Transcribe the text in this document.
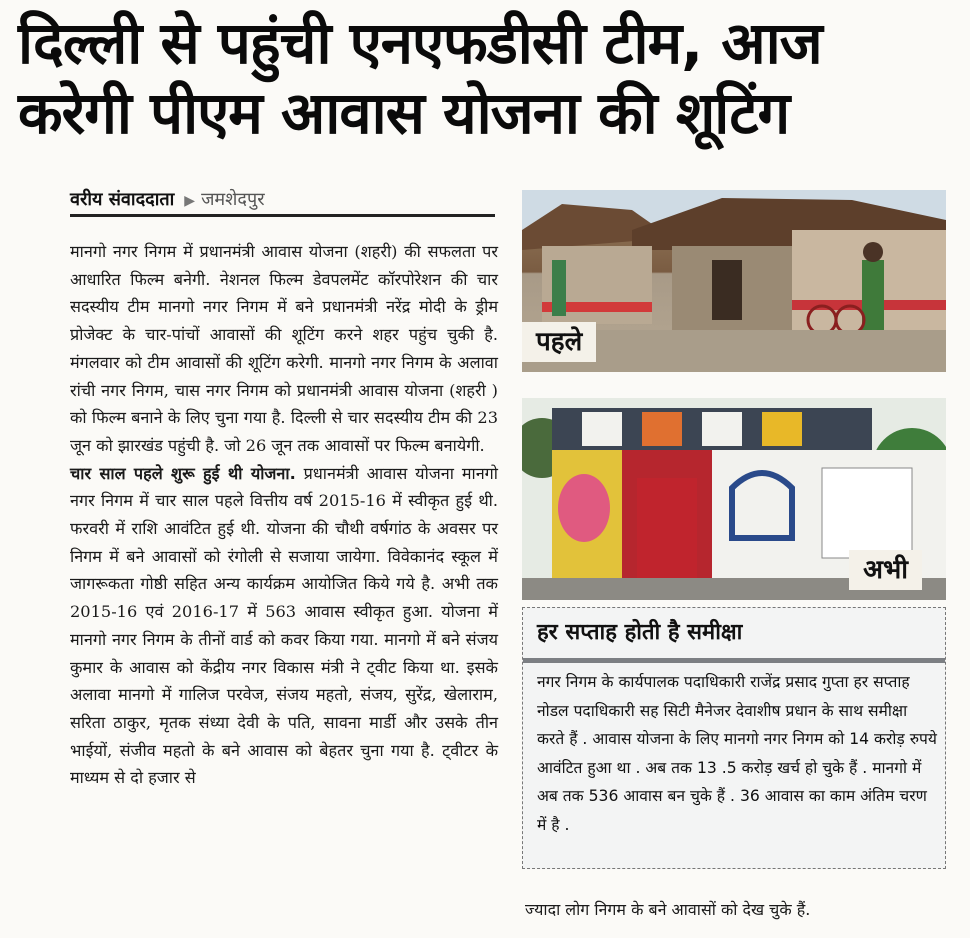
दिल्ली से पहुंची एनएफडीसी टीम, आज
करेगी पीएम आवास योजना की शूटिंग
वरीय संवाददाता ▶ जमशेदपुर

मानगो नगर निगम में प्रधानमंत्री आवास योजना (शहरी) की सफलता पर आधारित फिल्म बनेगी. नेशनल फिल्म डेवपलमेंट कॉरपोरेशन की चार सदस्यीय टीम मानगो नगर निगम में बने प्रधानमंत्री नरेंद्र मोदी के ड्रीम प्रोजेक्ट के चार-पांचों आवासों की शूटिंग करने शहर पहुंच चुकी है. मंगलवार को टीम आवासों की शूटिंग करेगी. मानगो नगर निगम के अलावा रांची नगर निगम, चास नगर निगम को प्रधानमंत्री आवास योजना (शहरी ) को फिल्म बनाने के लिए चुना गया है. दिल्ली से चार सदस्यीय टीम की 23 जून को झारखंड पहुंची है. जो 26 जून तक आवासों पर फिल्म बनायेगी.

चार साल पहले शुरू हुई थी योजना. प्रधानमंत्री आवास योजना मानगो नगर निगम में चार साल पहले वित्तीय वर्ष 2015-16 में स्वीकृत हुई थी. फरवरी में राशि आवंटित हुई थी. योजना की चौथी वर्षगांठ के अवसर पर निगम में बने आवासों को रंगोली से सजाया जायेगा. विवेकानंद स्कूल में जागरूकता गोष्ठी सहित अन्य कार्यक्रम आयोजित किये गये है. अभी तक 2015-16 एवं 2016-17 में 563 आवास स्वीकृत हुआ. योजना में मानगो नगर निगम के तीनों वार्ड को कवर किया गया. मानगो में बने संजय कुमार के आवास को केंद्रीय नगर विकास मंत्री ने ट्वीट किया था. इसके अलावा मानगो में गालिज परवेज, संजय महतो, संजय, सुरेंद्र, खेलाराम, सरिता ठाकुर, मृतक संध्या देवी के पति, सावना मार्डी और उसके तीन भाईयों, संजीव महतो के बने आवास को बेहतर चुना गया है. ट्वीटर के माध्यम से दो हजार से

पहले
अभी
हर सप्ताह होती है समीक्षा
नगर निगम के कार्यपालक पदाधिकारी राजेंद्र प्रसाद गुप्ता हर सप्ताह नोडल पदाधिकारी सह सिटी मैनेजर देवाशीष प्रधान के साथ समीक्षा करते हैं . आवास योजना के लिए मानगो नगर निगम को 14 करोड़ रुपये आवंटित हुआ था . अब तक 13 .5 करोड़ खर्च हो चुके हैं . मानगो में अब तक 536 आवास बन चुके हैं . 36 आवास का काम अंतिम चरण में है .
ज्यादा लोग निगम के बने आवासों को देख चुके हैं.
